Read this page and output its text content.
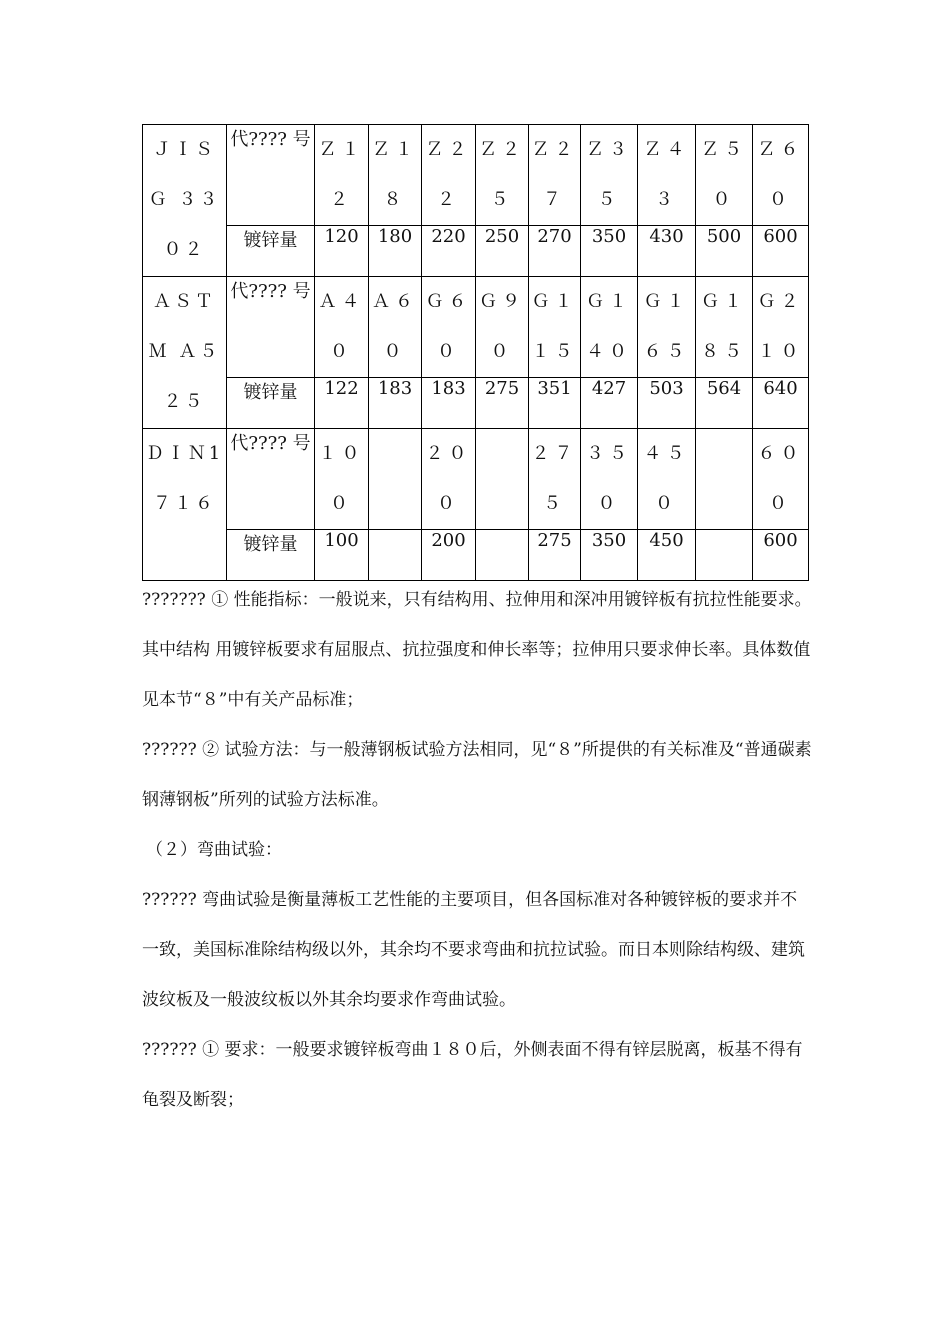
ＪＩＳＧ ３３０２	代???? 号	Ｚ１２	Ｚ１８	Ｚ２２	Ｚ２５	Ｚ２７	Ｚ３５	Ｚ４３	Ｚ５０	Ｚ６０
	镀锌量	120	180	220	250	270	350	430	500	600
ＡＳＴＭ Ａ５２５	代???? 号	Ａ４０	Ａ６０	Ｇ６０	Ｇ９０	Ｇ１１５	Ｇ１４０	Ｇ１６５	Ｇ１８５	Ｇ２１０
	镀锌量	122	183	183	275	351	427	503	564	640
ＤＩＮ1 ７１６	代???? 号	１００		２００		２７５	３５０	４５０		６００
	镀锌量	100		200		275	350	450		600

??????? ① 性能指标：一般说来，只有结构用、拉伸用和深冲用镀锌板有抗拉性能要求。其中结构 用镀锌板要求有屈服点、抗拉强度和伸长率等；拉伸用只要求伸长率。具体数值见本节“８”中有关产品标准；

?????? ② 试验方法：与一般薄钢板试验方法相同，见“８”所提供的有关标准及“普通碳素钢薄钢板”所列的试验方法标准。

（２）弯曲试验：

?????? 弯曲试验是衡量薄板工艺性能的主要项目，但各国标准对各种镀锌板的要求并不一致，美国标准除结构级以外，其余均不要求弯曲和抗拉试验。而日本则除结构级、建筑波纹板及一般波纹板以外其余均要求作弯曲试验。

?????? ① 要求：一般要求镀锌板弯曲１８０后，外侧表面不得有锌层脱离，板基不得有龟裂及断裂；
